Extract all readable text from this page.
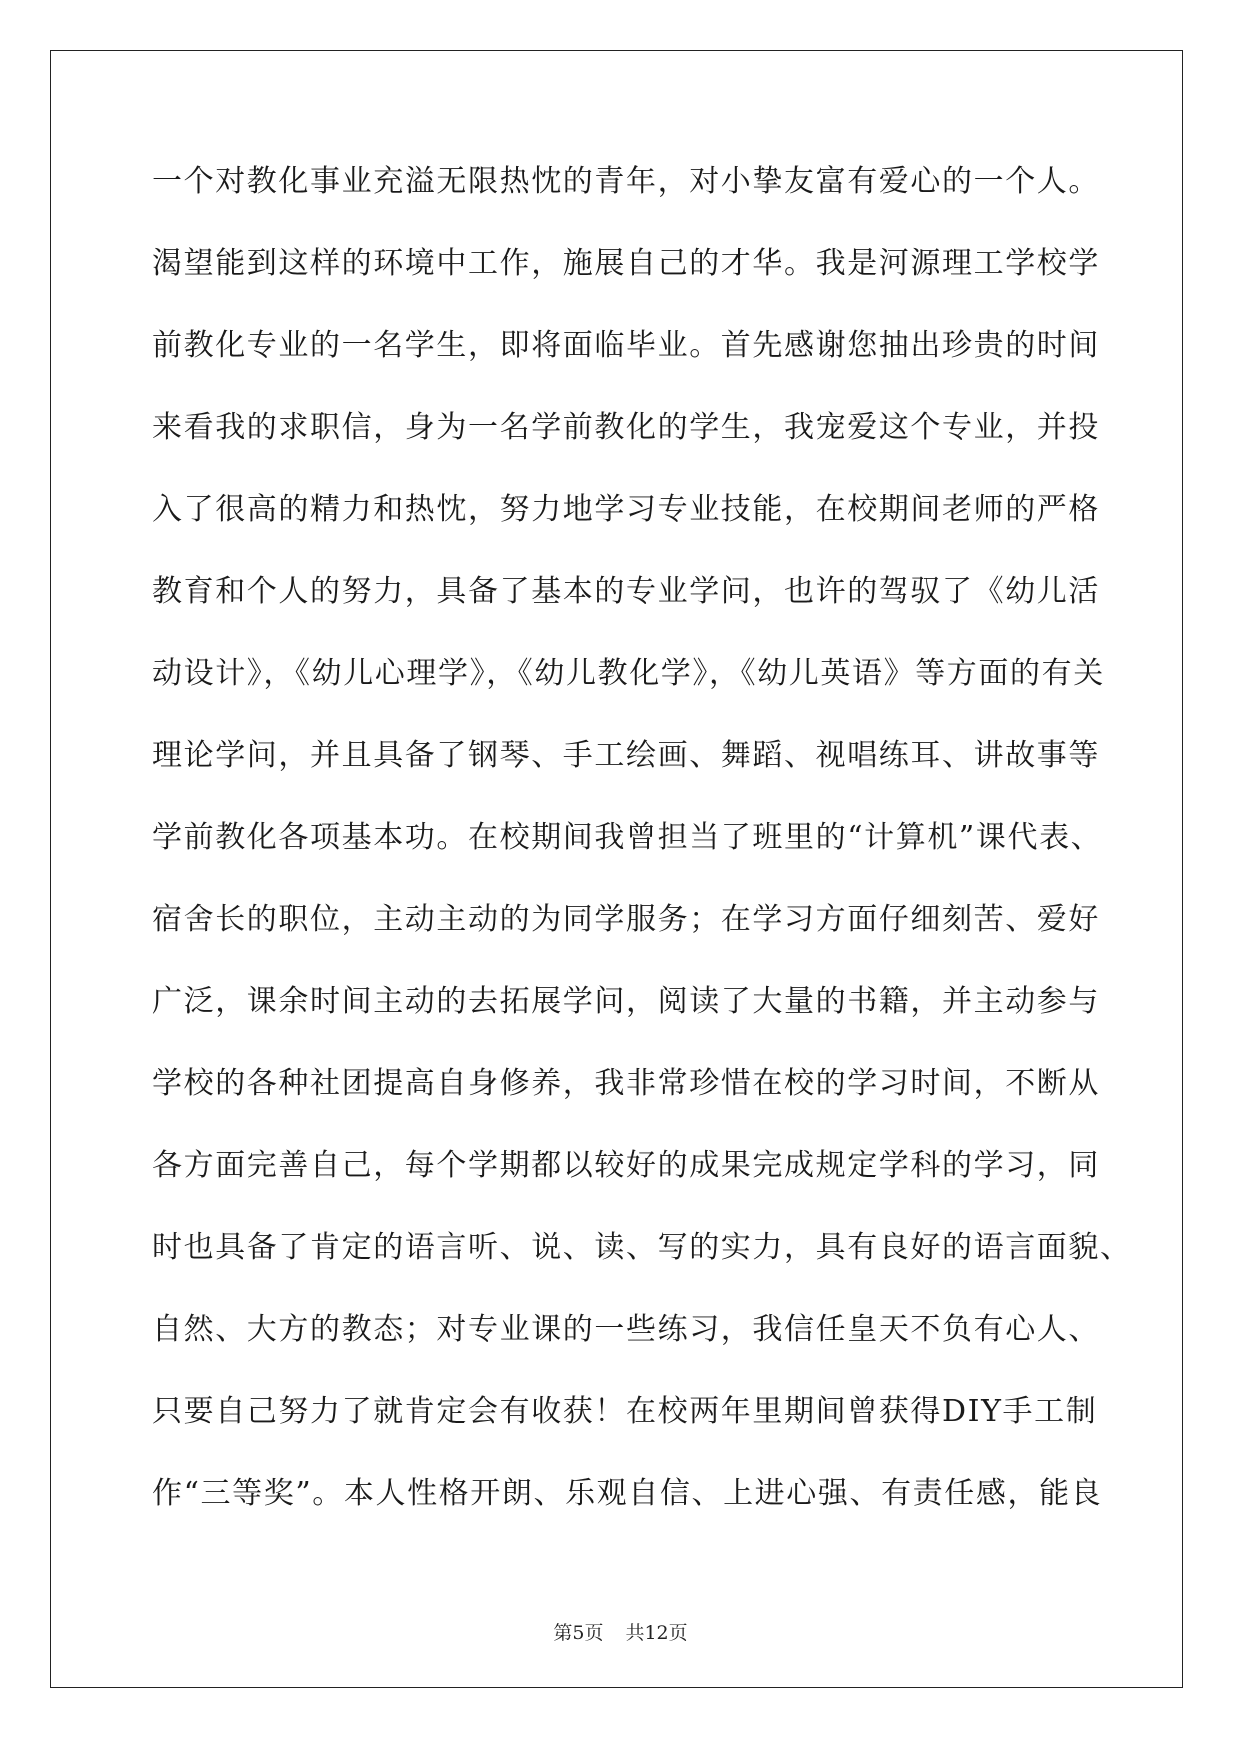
一个对教化事业充溢无限热忱的青年，对小挚友富有爱心的一个人。
渴望能到这样的环境中工作，施展自己的才华。我是河源理工学校学
前教化专业的一名学生，即将面临毕业。首先感谢您抽出珍贵的时间
来看我的求职信，身为一名学前教化的学生，我宠爱这个专业，并投
入了很高的精力和热忱，努力地学习专业技能，在校期间老师的严格
教育和个人的努力，具备了基本的专业学问，也许的驾驭了《幼儿活
动设计》，《幼儿心理学》，《幼儿教化学》，《幼儿英语》等方面的有关
理论学问，并且具备了钢琴、手工绘画、舞蹈、视唱练耳、讲故事等
学前教化各项基本功。在校期间我曾担当了班里的“计算机”课代表、
宿舍长的职位，主动主动的为同学服务；在学习方面仔细刻苦、爱好
广泛，课余时间主动的去拓展学问，阅读了大量的书籍，并主动参与
学校的各种社团提高自身修养，我非常珍惜在校的学习时间，不断从
各方面完善自己，每个学期都以较好的成果完成规定学科的学习，同
时也具备了肯定的语言听、说、读、写的实力，具有良好的语言面貌、
自然、大方的教态；对专业课的一些练习，我信任皇天不负有心人、
只要自己努力了就肯定会有收获！在校两年里期间曾获得DIY手工制
作“三等奖”。本人性格开朗、乐观自信、上进心强、有责任感，能良
第5页 共12页
